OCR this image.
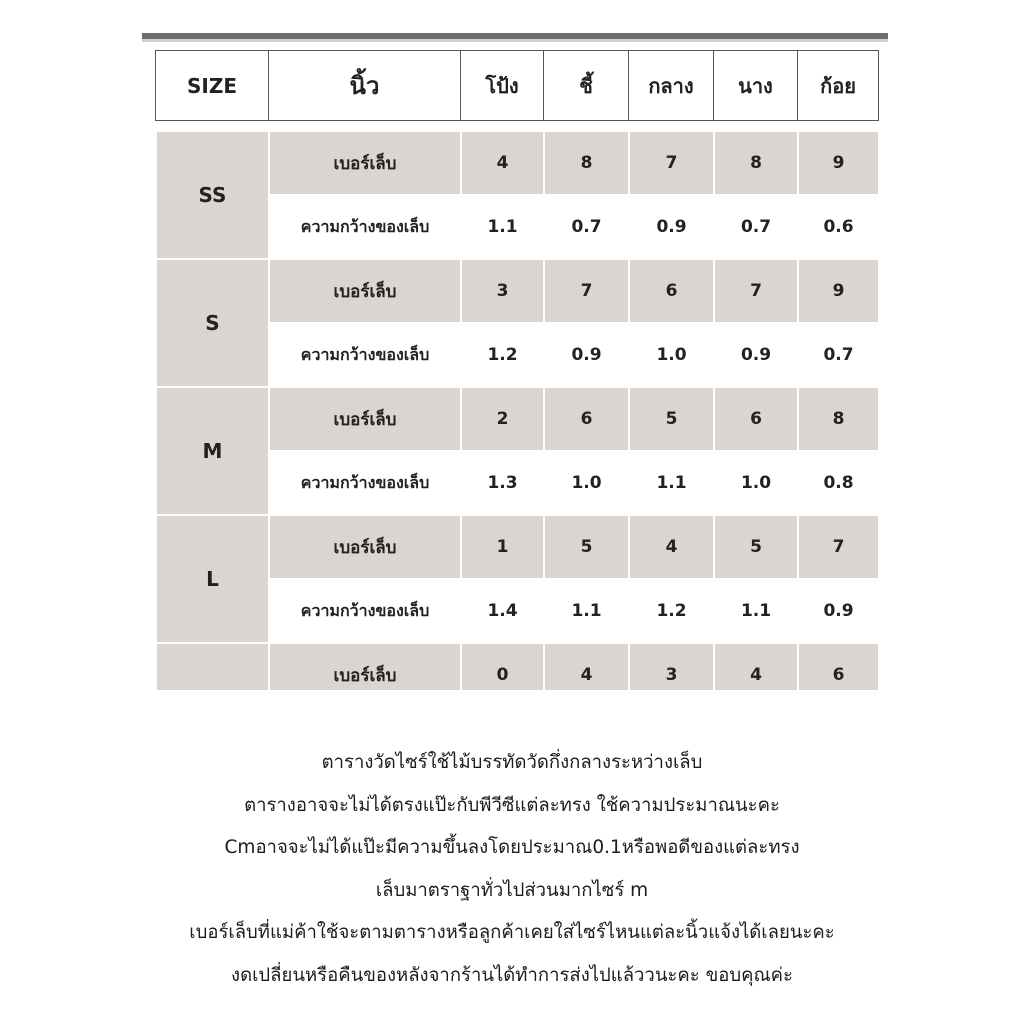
SIZE	นิ้ว	โป้ง	ชี้	กลาง	นาง	ก้อย
SS	เบอร์เล็บ	4	8	7	8	9
	ความกว้างของเล็บ	1.1	0.7	0.9	0.7	0.6
S	เบอร์เล็บ	3	7	6	7	9
	ความกว้างของเล็บ	1.2	0.9	1.0	0.9	0.7
M	เบอร์เล็บ	2	6	5	6	8
	ความกว้างของเล็บ	1.3	1.0	1.1	1.0	0.8
L	เบอร์เล็บ	1	5	4	5	7
	ความกว้างของเล็บ	1.4	1.1	1.2	1.1	0.9
	เบอร์เล็บ	0	4	3	4	6

ตารางวัดไซร์ใช้ไม้บรรทัดวัดกึ่งกลางระหว่างเล็บ
ตารางอาจจะไม่ได้ตรงแป๊ะกับพีวีซีแต่ละทรง ใช้ความประมาณนะคะ
Cmอาจจะไม่ได้แป๊ะมีความขึ้นลงโดยประมาณ0.1หรือพอดีของแต่ละทรง
เล็บมาตราฐาทั่วไปส่วนมากไซร์ m
เบอร์เล็บที่แม่ค้าใช้จะตามตารางหรือลูกค้าเคยใส่ไซร์ไหนแต่ละนิ้วแจ้งได้เลยนะคะ
งดเปลี่ยนหรือคืนของหลังจากร้านได้ทำการส่งไปแล้ววนะคะ ขอบคุณค่ะ
